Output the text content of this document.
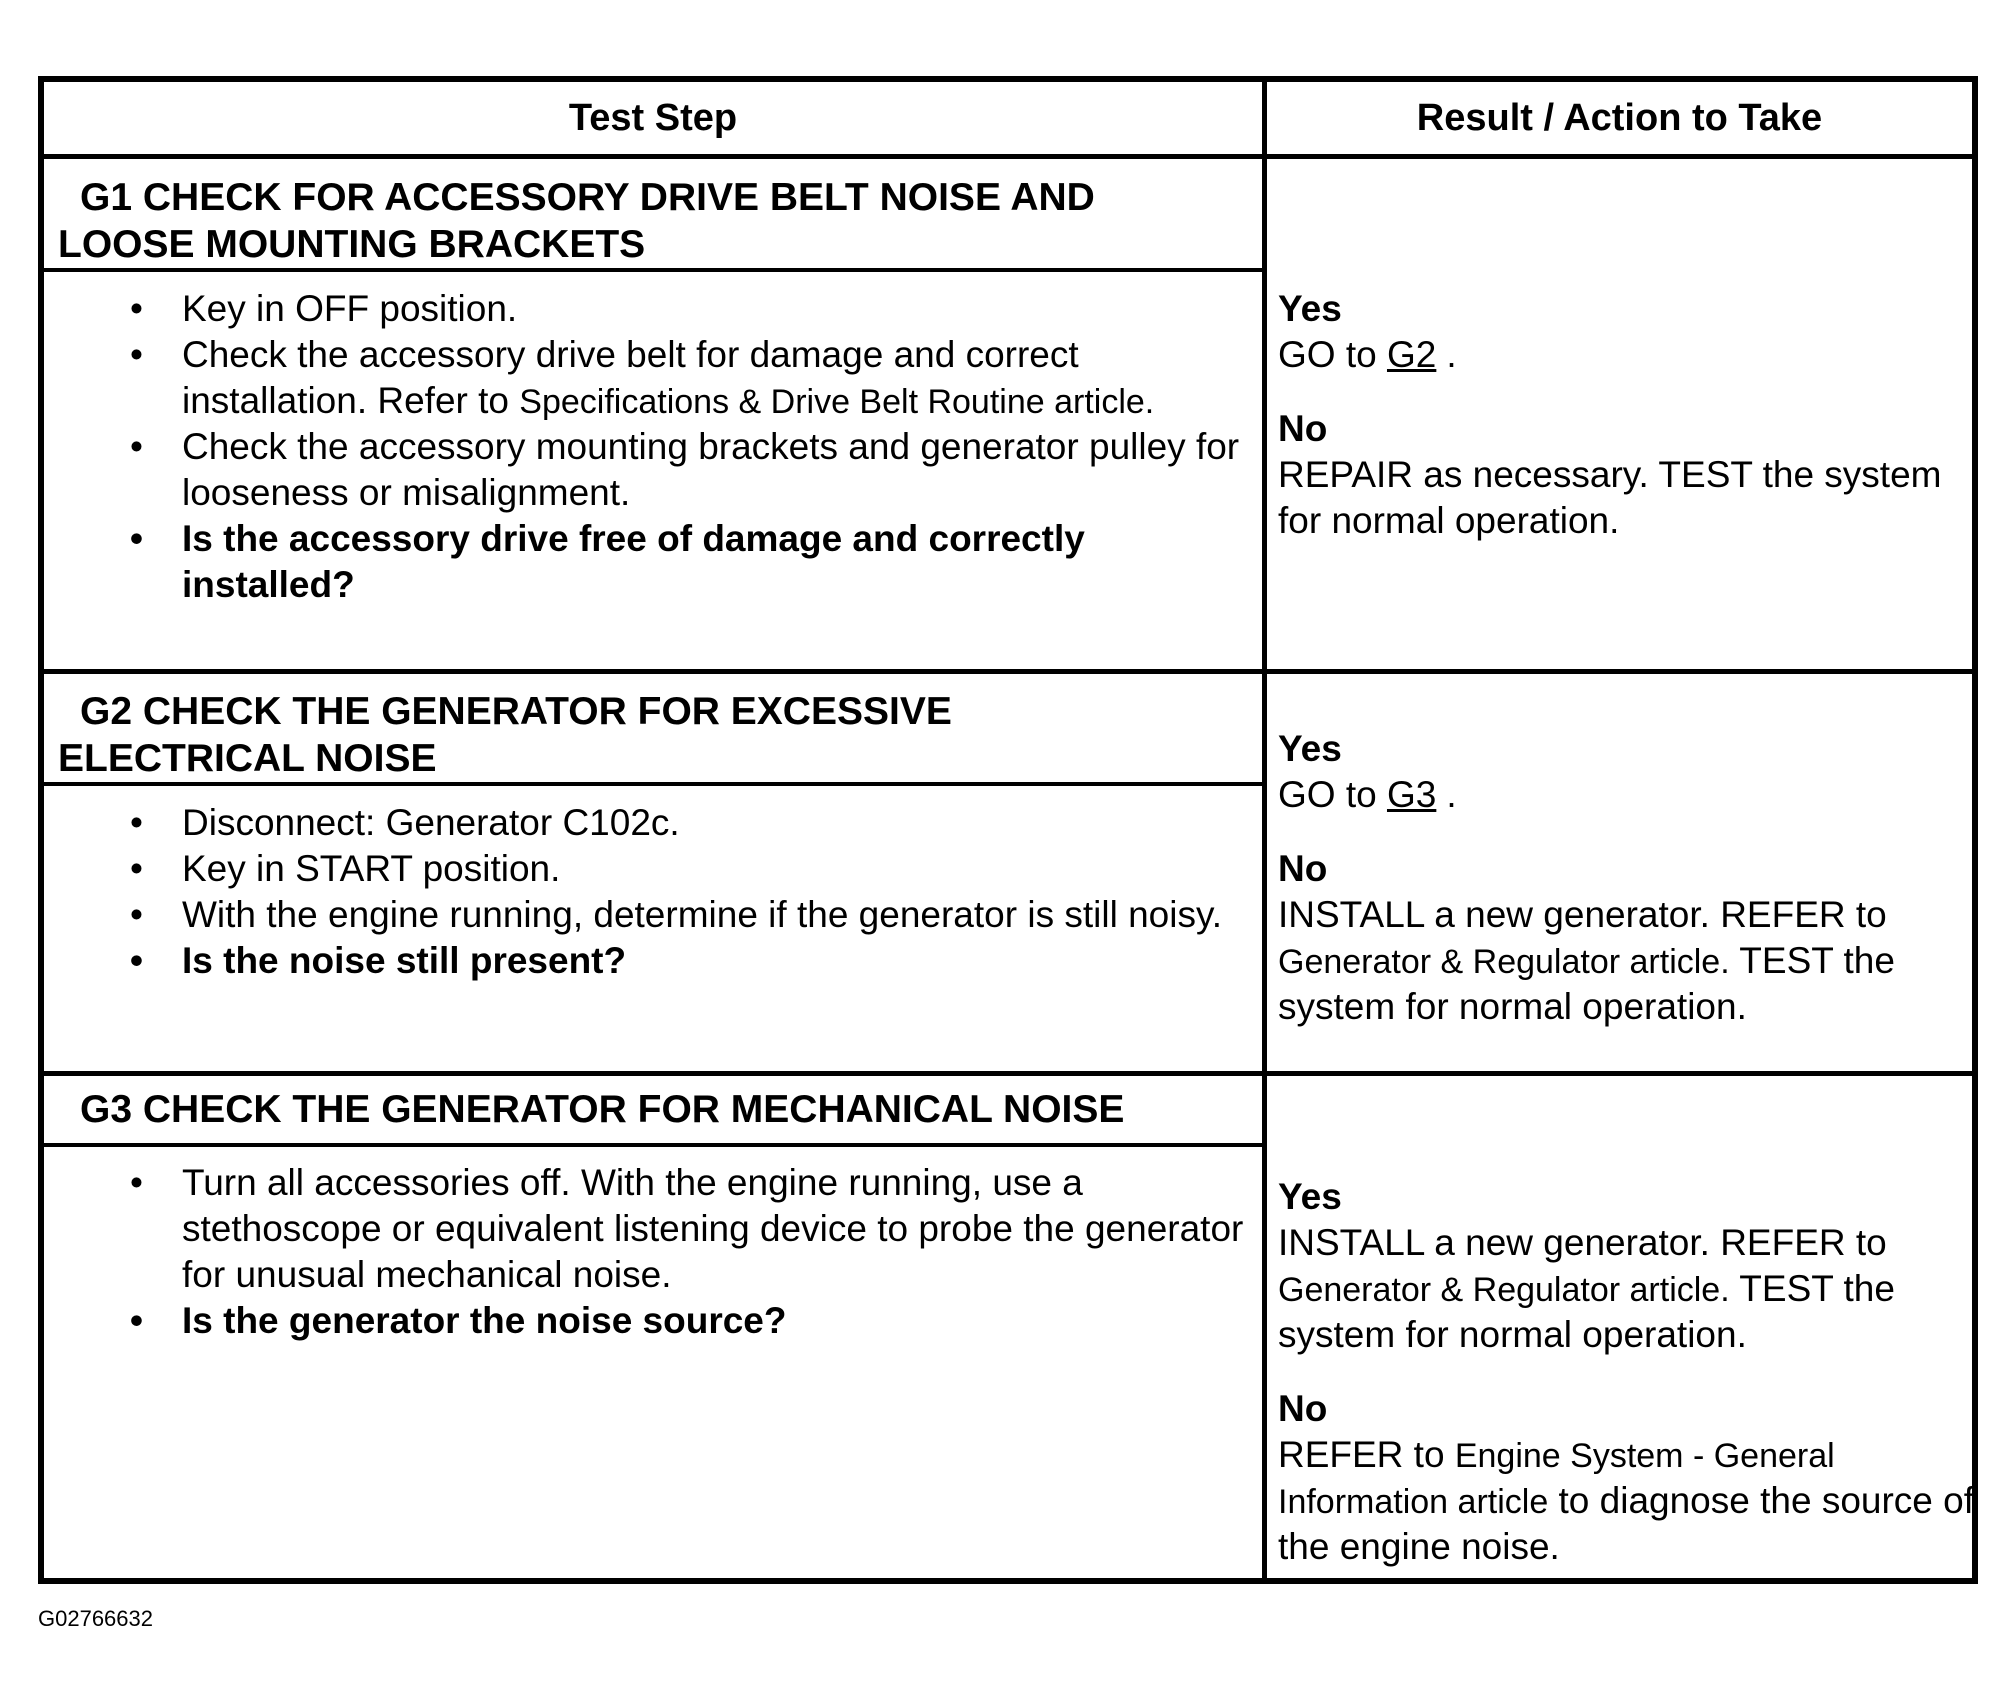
Test Step	Result / Action to Take
G1 CHECK FOR ACCESSORY DRIVE BELT NOISE AND
LOOSE MOUNTING BRACKETS
• Key in OFF position.
• Check the accessory drive belt for damage and correct installation. Refer to Specifications & Drive Belt Routine article.
• Check the accessory mounting brackets and generator pulley for looseness or misalignment.
• Is the accessory drive free of damage and correctly installed?
Yes
GO to G2 .
No
REPAIR as necessary. TEST the system for normal operation.
G2 CHECK THE GENERATOR FOR EXCESSIVE
ELECTRICAL NOISE
• Disconnect: Generator C102c.
• Key in START position.
• With the engine running, determine if the generator is still noisy.
• Is the noise still present?
Yes
GO to G3 .
No
INSTALL a new generator. REFER to Generator & Regulator article. TEST the system for normal operation.
G3 CHECK THE GENERATOR FOR MECHANICAL NOISE
• Turn all accessories off. With the engine running, use a stethoscope or equivalent listening device to probe the generator for unusual mechanical noise.
• Is the generator the noise source?
Yes
INSTALL a new generator. REFER to Generator & Regulator article. TEST the system for normal operation.
No
REFER to Engine System - General Information article to diagnose the source of the engine noise.
G02766632
